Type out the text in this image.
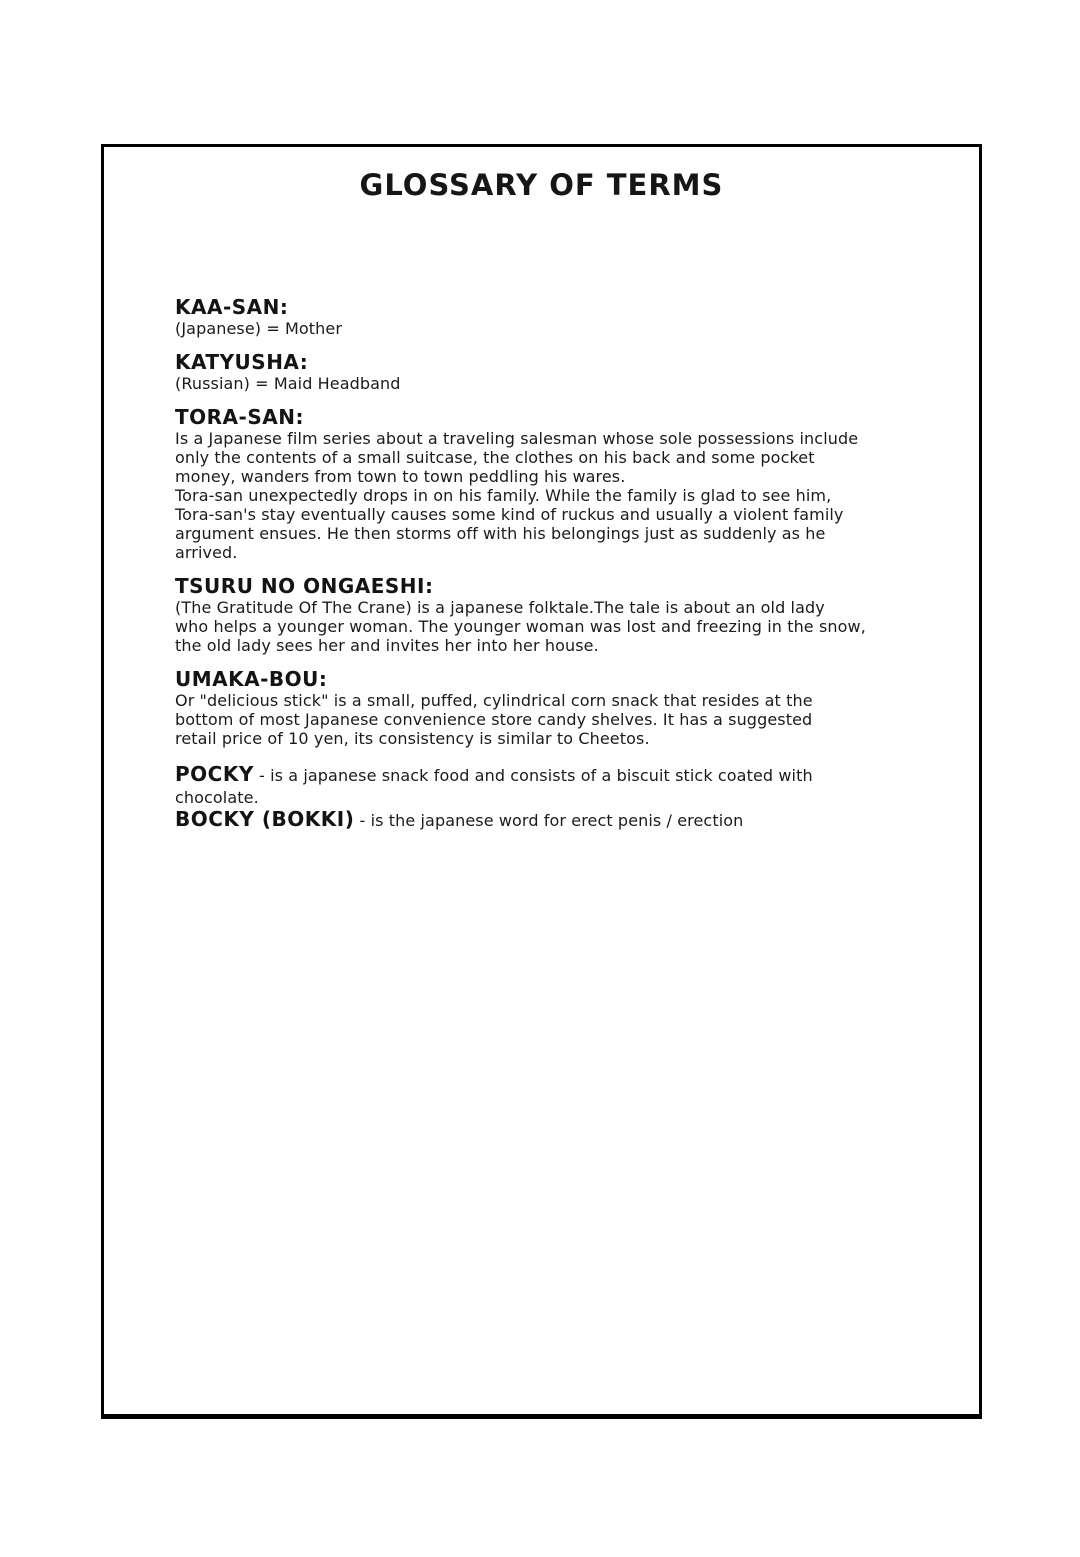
GLOSSARY OF TERMS
KAA-SAN:

(Japanese) = Mother

KATYUSHA:

(Russian) = Maid Headband

TORA-SAN:

Is a Japanese film series about a traveling salesman whose sole possessions include

only the contents of a small suitcase, the clothes on his back and some pocket

money, wanders from town to town peddling his wares.

Tora-san unexpectedly drops in on his family. While the family is glad to see him,

Tora-san's stay eventually causes some kind of ruckus and usually a violent family

argument ensues. He then storms off with his belongings just as suddenly as he

arrived.

TSURU NO ONGAESHI:

(The Gratitude Of The Crane) is a japanese folktale.The tale is about an old lady

who helps a younger woman. The younger woman was lost and freezing in the snow,

the old lady sees her and invites her into her house.

UMAKA-BOU:

Or "delicious stick" is a small, puffed, cylindrical corn snack that resides at the

bottom of most Japanese convenience store candy shelves. It has a suggested

retail price of 10 yen, its consistency is similar to Cheetos.

POCKY - is a japanese snack food and consists of a biscuit stick coated with

chocolate.

BOCKY (BOKKI) - is the japanese word for erect penis / erection
